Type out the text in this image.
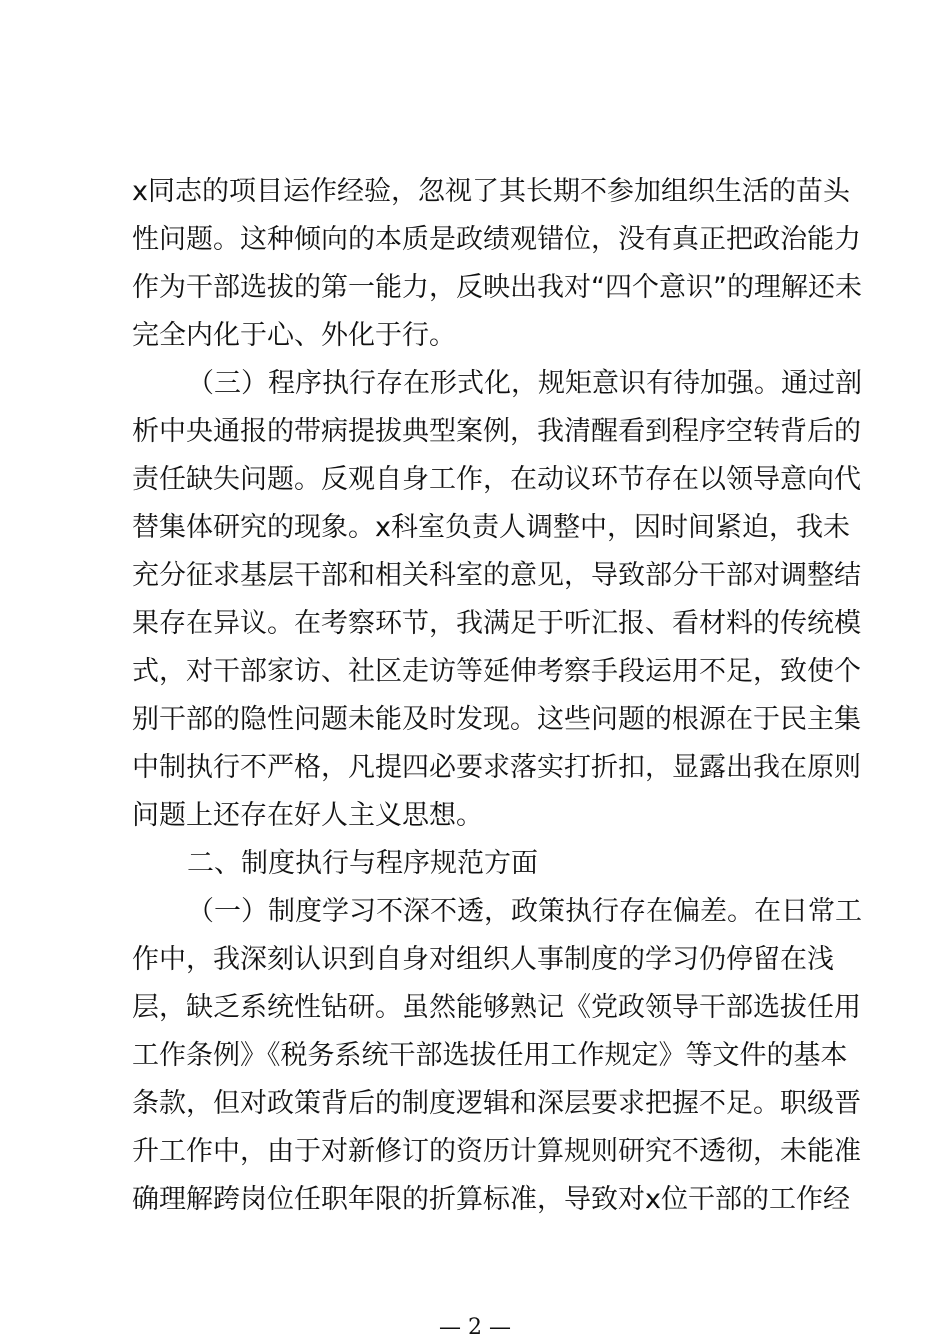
x同志的项目运作经验，忽视了其长期不参加组织生活的苗头
性问题。这种倾向的本质是政绩观错位，没有真正把政治能力
作为干部选拔的第一能力，反映出我对“四个意识”的理解还未
完全内化于心、外化于行。
（三）程序执行存在形式化，规矩意识有待加强。通过剖
析中央通报的带病提拔典型案例，我清醒看到程序空转背后的
责任缺失问题。反观自身工作，在动议环节存在以领导意向代
替集体研究的现象。x科室负责人调整中，因时间紧迫，我未
充分征求基层干部和相关科室的意见，导致部分干部对调整结
果存在异议。在考察环节，我满足于听汇报、看材料的传统模
式，对干部家访、社区走访等延伸考察手段运用不足，致使个
别干部的隐性问题未能及时发现。这些问题的根源在于民主集
中制执行不严格，凡提四必要求落实打折扣，显露出我在原则
问题上还存在好人主义思想。
二、制度执行与程序规范方面
（一）制度学习不深不透，政策执行存在偏差。在日常工
作中，我深刻认识到自身对组织人事制度的学习仍停留在浅
层，缺乏系统性钻研。虽然能够熟记《党政领导干部选拔任用
工作条例》《税务系统干部选拔任用工作规定》等文件的基本
条款，但对政策背后的制度逻辑和深层要求把握不足。职级晋
升工作中，由于对新修订的资历计算规则研究不透彻，未能准
确理解跨岗位任职年限的折算标准，导致对x位干部的工作经
— 2 —
